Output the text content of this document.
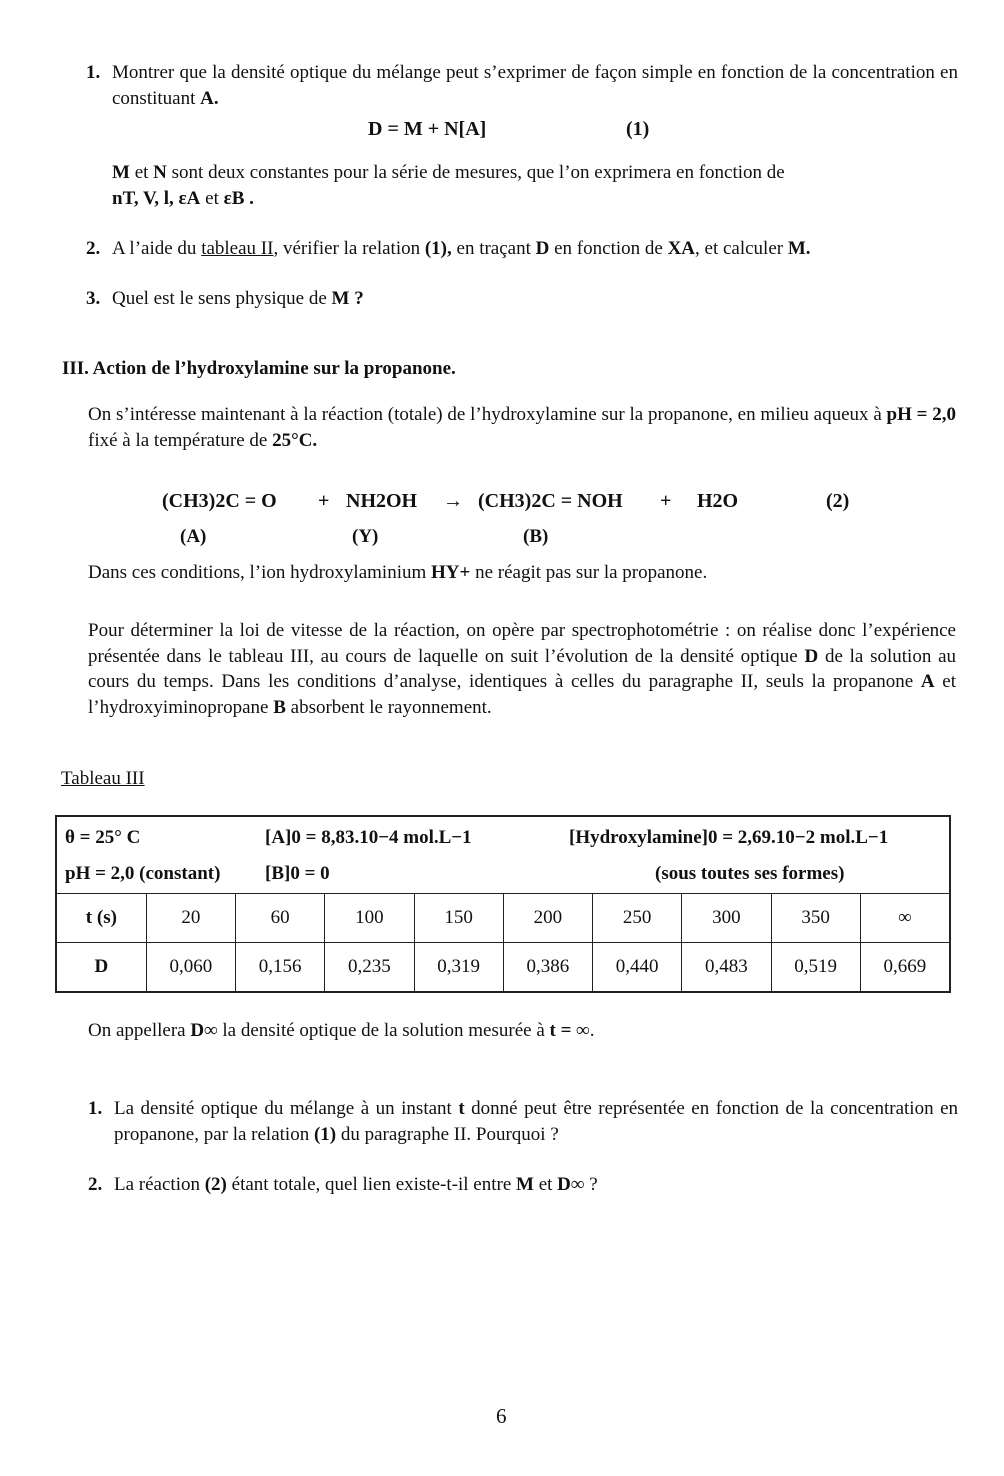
1. Montrer que la densité optique du mélange peut s’exprimer de façon simple en fonction de la concentration en constituant A.
D = M + N[A]	(1)
M et N sont deux constantes pour la série de mesures, que l’on exprimera en fonction de
nT, V, l, εA et εB .
2. A l’aide du tableau II, vérifier la relation (1), en traçant D en fonction de XA, et calculer M.
3. Quel est le sens physique de M ?
III. Action de l’hydroxylamine sur la propanone.
On s’intéresse maintenant à la réaction (totale) de l’hydroxylamine sur la propanone, en milieu aqueux à pH = 2,0 fixé à la température de 25°C.
(CH3)2C = O + NH2OH → (CH3)2C = NOH + H2O	(2)
(A)	(Y)	(B)
Dans ces conditions, l’ion hydroxylaminium HY+ ne réagit pas sur la propanone.
Pour déterminer la loi de vitesse de la réaction, on opère par spectrophotométrie : on réalise donc l’expérience présentée dans le tableau III, au cours de laquelle on suit l’évolution de la densité optique D de la solution au cours du temps. Dans les conditions d’analyse, identiques à celles du paragraphe II, seuls la propanone A et l’hydroxyiminopropane B absorbent le rayonnement.
Tableau III
θ = 25° C	[A]0 = 8,83.10−4 mol.L−1	[Hydroxylamine]0 = 2,69.10−2 mol.L−1
pH = 2,0 (constant) [B]0 = 0	(sous toutes ses formes)
t (s)	20	60	100	150	200	250	300	350	∞
D	0,060	0,156	0,235	0,319	0,386	0,440	0,483	0,519	0,669
On appellera D∞ la densité optique de la solution mesurée à t = ∞.
1. La densité optique du mélange à un instant t donné peut être représentée en fonction de la concentration en propanone, par la relation (1) du paragraphe II. Pourquoi ?
2. La réaction (2) étant totale, quel lien existe-t-il entre M et D∞ ?
6
